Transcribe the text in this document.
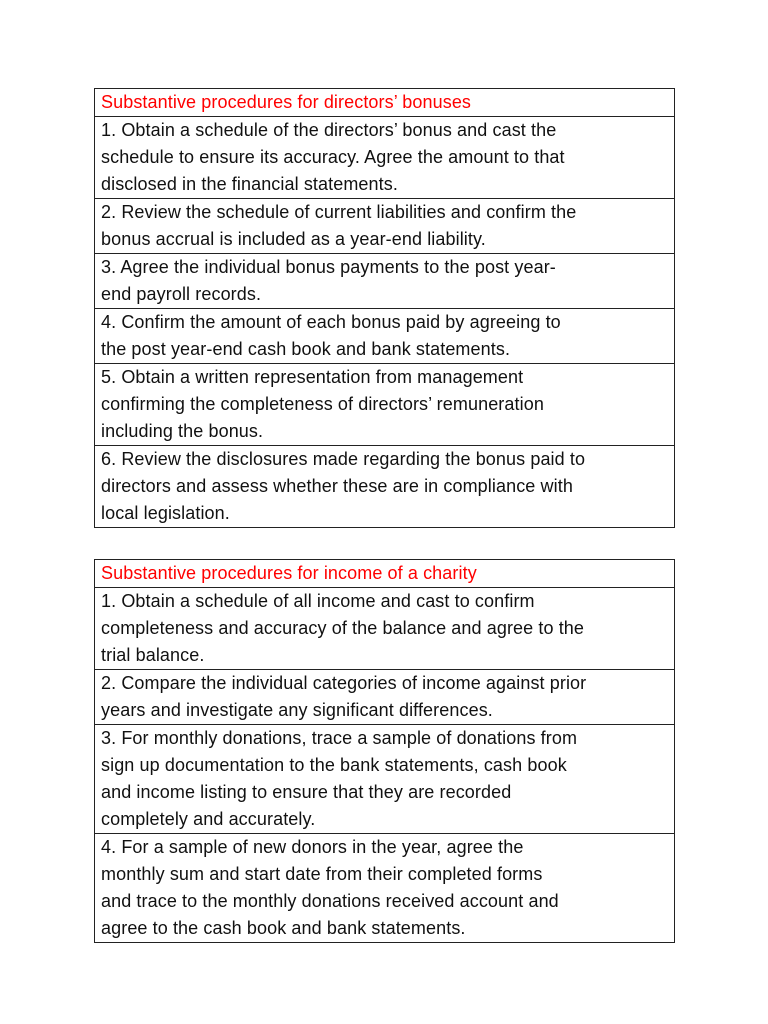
Substantive procedures for directors’ bonuses
1. Obtain a schedule of the directors’ bonus and cast the
schedule to ensure its accuracy. Agree the amount to that
disclosed in the financial statements.
2. Review the schedule of current liabilities and confirm the
bonus accrual is included as a year-end liability.
3. Agree the individual bonus payments to the post year-
end payroll records.
4. Confirm the amount of each bonus paid by agreeing to
the post year-end cash book and bank statements.
5. Obtain a written representation from management
confirming the completeness of directors’ remuneration
including the bonus.
6. Review the disclosures made regarding the bonus paid to
directors and assess whether these are in compliance with
local legislation.
Substantive procedures for income of a charity
1. Obtain a schedule of all income and cast to confirm
completeness and accuracy of the balance and agree to the
trial balance.
2. Compare the individual categories of income against prior
years and investigate any significant differences.
3. For monthly donations, trace a sample of donations from
sign up documentation to the bank statements, cash book
and income listing to ensure that they are recorded
completely and accurately.
4. For a sample of new donors in the year, agree the
monthly sum and start date from their completed forms
and trace to the monthly donations received account and
agree to the cash book and bank statements.
